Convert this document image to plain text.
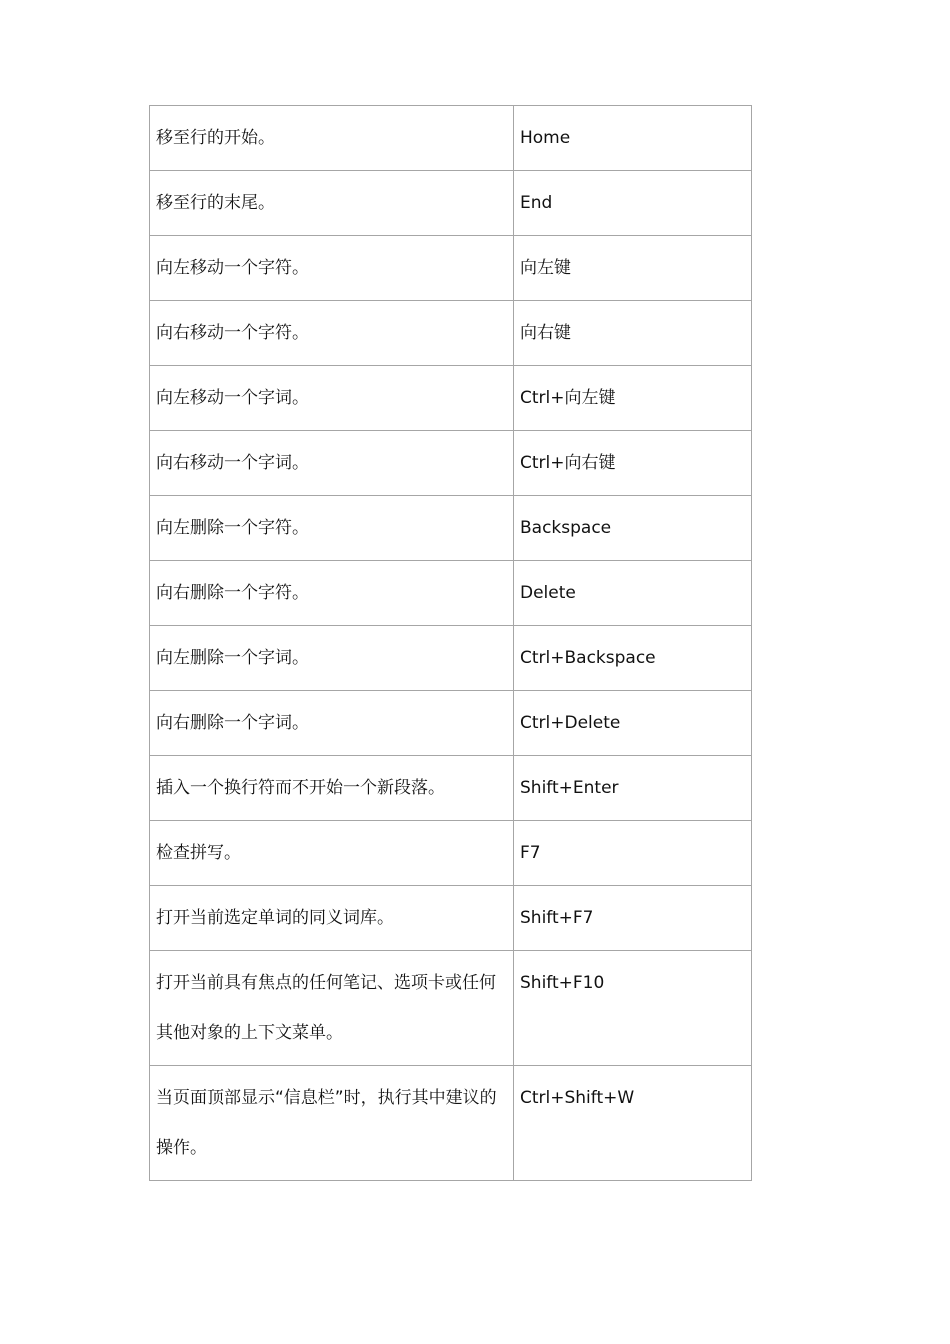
移至行的开始。	Home
移至行的末尾。	End
向左移动一个字符。	向左键
向右移动一个字符。	向右键
向左移动一个字词。	Ctrl+向左键
向右移动一个字词。	Ctrl+向右键
向左删除一个字符。	Backspace
向右删除一个字符。	Delete
向左删除一个字词。	Ctrl+Backspace
向右删除一个字词。	Ctrl+Delete
插入一个换行符而不开始一个新段落。	Shift+Enter
检查拼写。	F7
打开当前选定单词的同义词库。	Shift+F7
打开当前具有焦点的任何笔记、选项卡或任何其他对象的上下文菜单。	Shift+F10
当页面顶部显示“信息栏”时，执行其中建议的操作。	Ctrl+Shift+W
